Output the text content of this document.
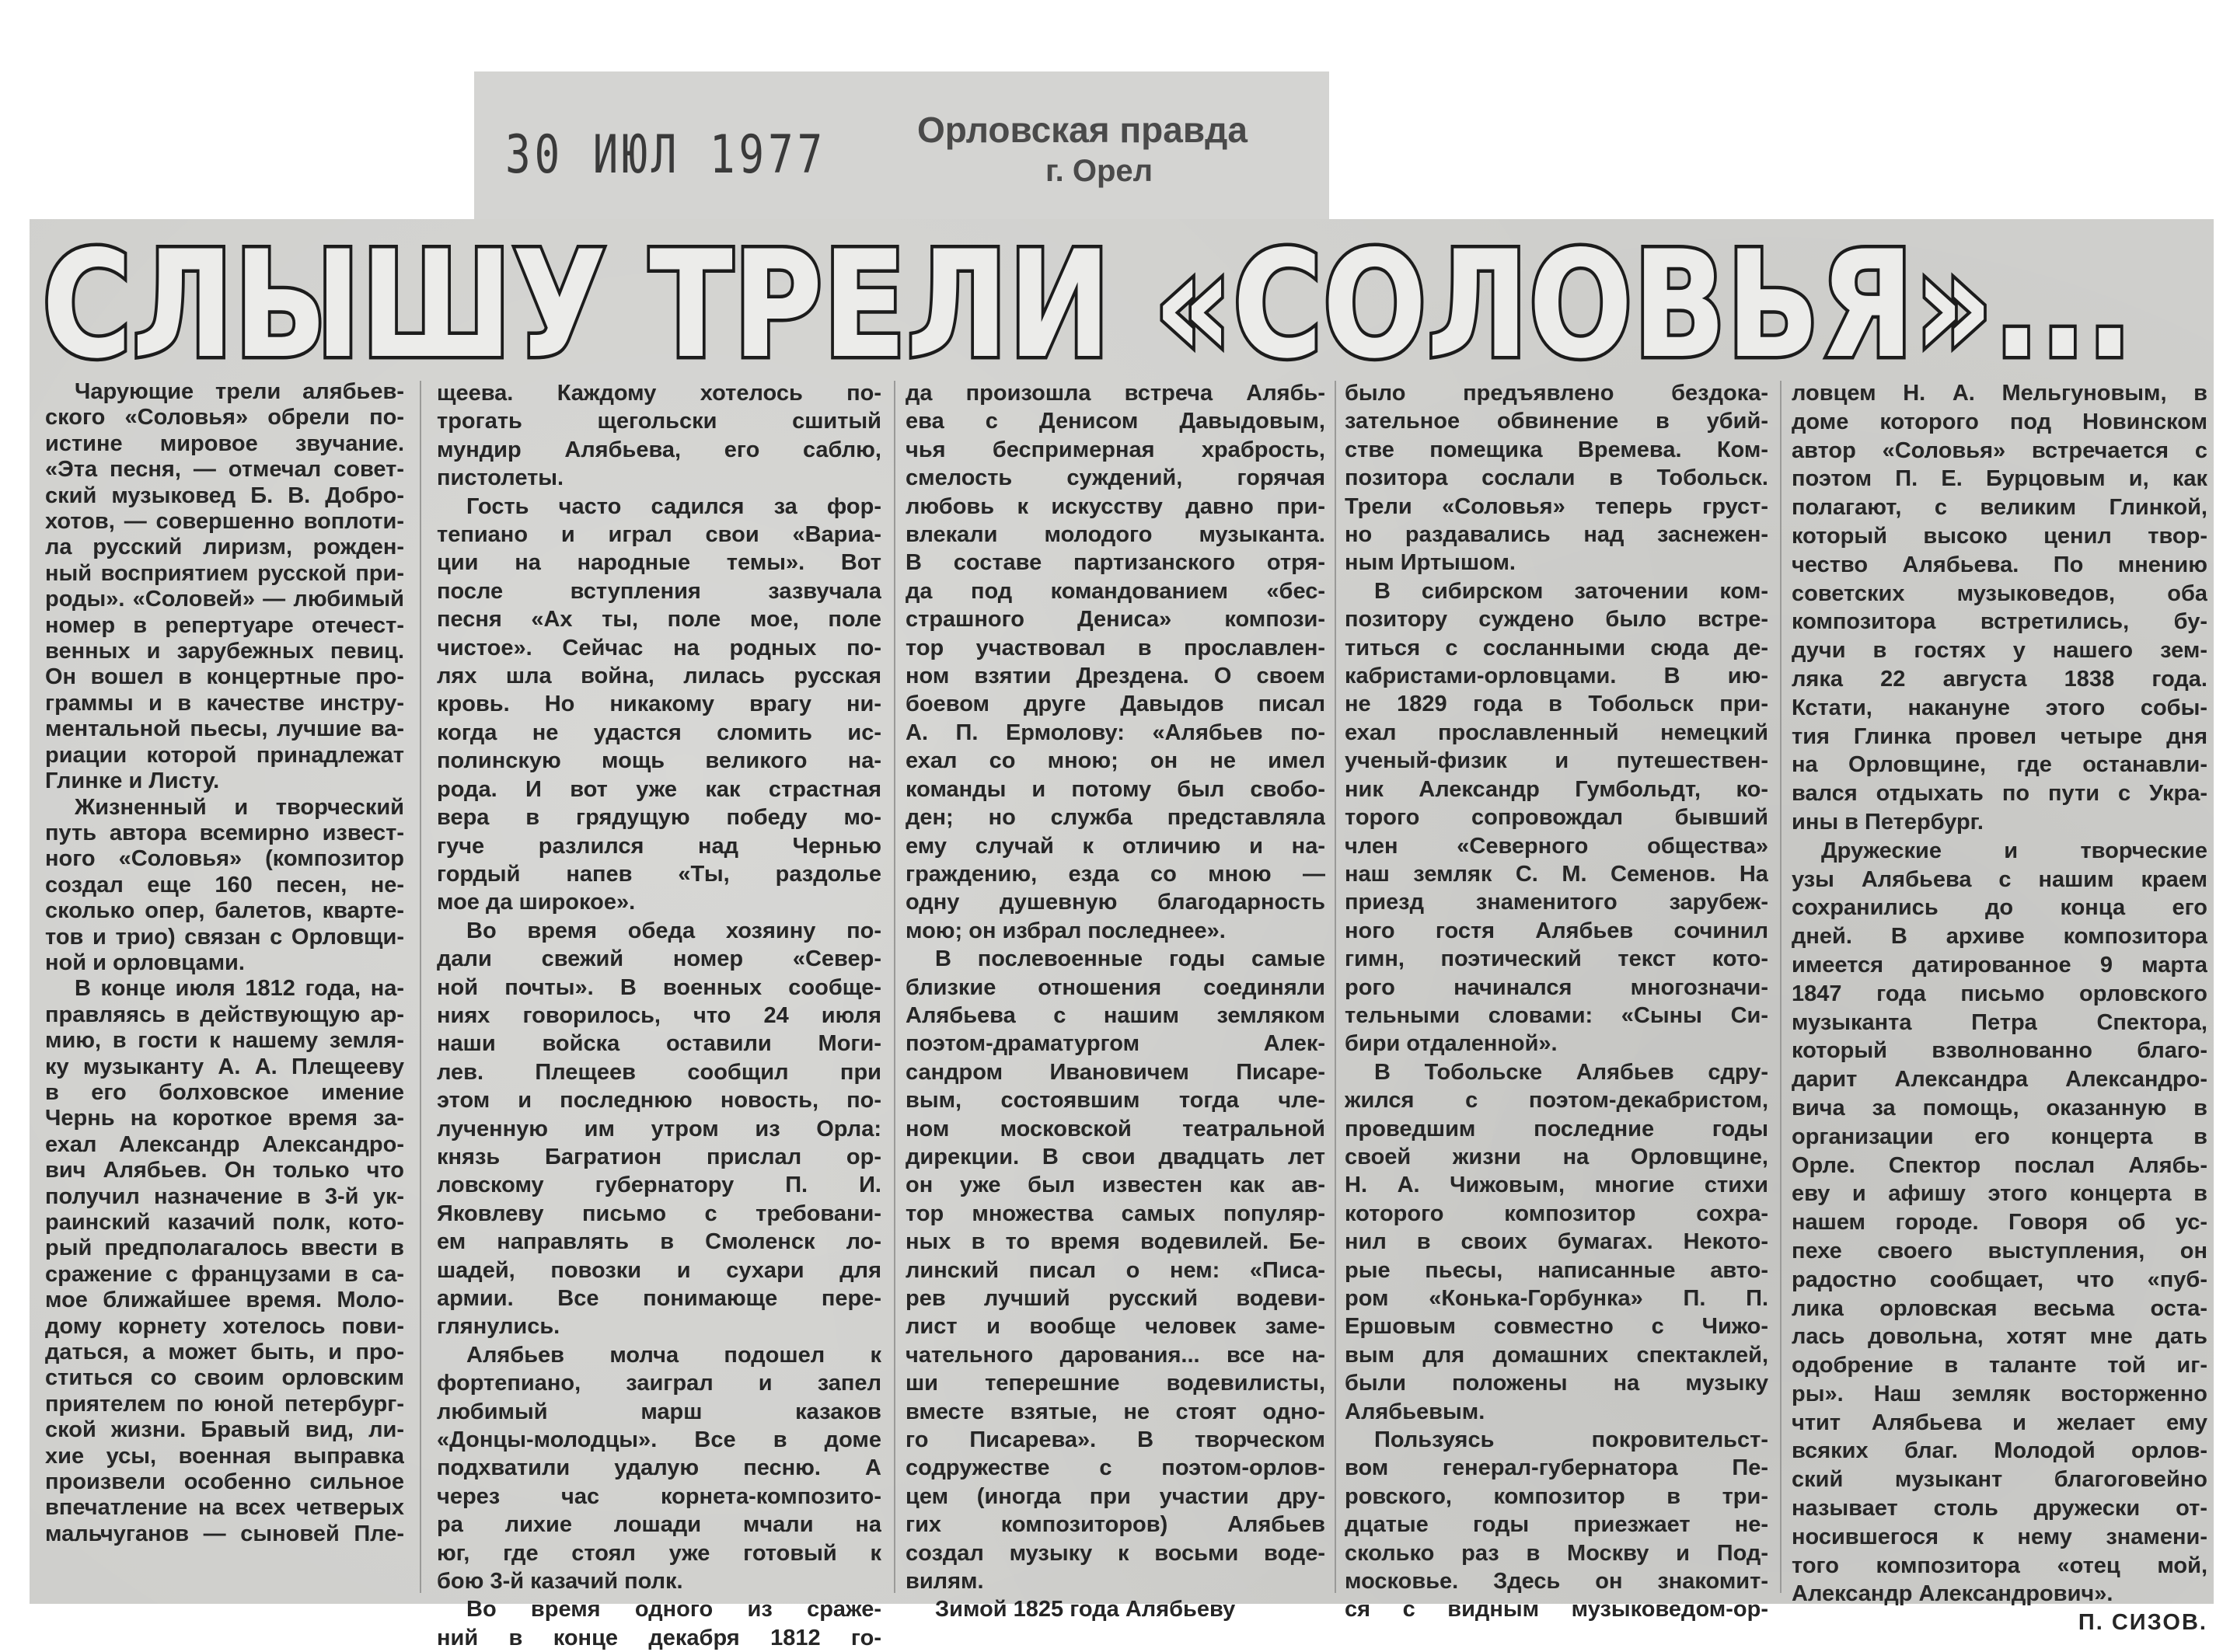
30 ИЮЛ 1977	Орловская правда
г. Орел
СЛЫШУ ТРЕЛИ «СОЛОВЬЯ»...
Чарующие трели алябьев-
ского «Соловья» обрели по-
истине мировое звучание.
«Эта песня, — отмечал совет-
ский музыковед Б. В. Добро-
хотов, — совершенно воплоти-
ла русский лиризм, рожден-
ный восприятием русской при-
роды». «Соловей» — любимый
номер в репертуаре отечест-
венных и зарубежных певиц.
Он вошел в концертные про-
граммы и в качестве инстру-
ментальной пьесы, лучшие ва-
риации которой принадлежат
Глинке и Листу.
Жизненный и творческий
путь автора всемирно извест-
ного «Соловья» (композитор
создал еще 160 песен, не-
сколько опер, балетов, кварте-
тов и трио) связан с Орловщи-
ной и орловцами.
В конце июля 1812 года, на-
правляясь в действующую ар-
мию, в гости к нашему земля-
ку музыканту А. А. Плещееву
в его болховское имение
Чернь на короткое время за-
ехал Александр Александро-
вич Алябьев. Он только что
получил назначение в 3-й ук-
раинский казачий полк, кото-
рый предполагалось ввести в
сражение с французами в са-
мое ближайшее время. Моло-
дому корнету хотелось пови-
даться, а может быть, и про-
ститься со своим орловским
приятелем по юной петербург-
ской жизни. Бравый вид, ли-
хие усы, военная выправка
произвели особенно сильное
впечатление на всех четверых
мальчуганов — сыновей Пле-
щеева. Каждому хотелось по-
трогать щегольски сшитый
мундир Алябьева, его саблю,
пистолеты.
Гость часто садился за фор-
тепиано и играл свои «Вариа-
ции на народные темы». Вот
после вступления зазвучала
песня «Ах ты, поле мое, поле
чистое». Сейчас на родных по-
лях шла война, лилась русская
кровь. Но никакому врагу ни-
когда не удастся сломить ис-
полинскую мощь великого на-
рода. И вот уже как страстная
вера в грядущую победу мо-
гуче разлился над Чернью
гордый напев «Ты, раздолье
мое да широкое».
Во время обеда хозяину по-
дали свежий номер «Север-
ной почты». В военных сообще-
ниях говорилось, что 24 июля
наши войска оставили Моги-
лев. Плещеев сообщил при
этом и последнюю новость, по-
лученную им утром из Орла:
князь Багратион прислал ор-
ловскому губернатору П. И.
Яковлеву письмо с требовани-
ем направлять в Смоленск ло-
шадей, повозки и сухари для
армии. Все понимающе пере-
глянулись.
Алябьев молча подошел к
фортепиано, заиграл и запел
любимый марш казаков
«Донцы-молодцы». Все в доме
подхватили удалую песню. А
через час корнета-композито-
ра лихие лошади мчали на
юг, где стоял уже готовый к
бою 3-й казачий полк.
Во время одного из сраже-
ний в конце декабря 1812 го-
да произошла встреча Алябь-
ева с Денисом Давыдовым,
чья беспримерная храбрость,
смелость суждений, горячая
любовь к искусству давно при-
влекали молодого музыканта.
В составе партизанского отря-
да под командованием «бес-
страшного Дениса» компози-
тор участвовал в прославлен-
ном взятии Дрездена. О своем
боевом друге Давыдов писал
А. П. Ермолову: «Алябьев по-
ехал со мною; он не имел
команды и потому был свобо-
ден; но служба представляла
ему случай к отличию и на-
граждению, езда со мною —
одну душевную благодарность
мою; он избрал последнее».
В послевоенные годы самые
близкие отношения соединяли
Алябьева с нашим земляком
поэтом-драматургом Алек-
сандром Ивановичем Писаре-
вым, состоявшим тогда чле-
ном московской театральной
дирекции. В свои двадцать лет
он уже был известен как ав-
тор множества самых популяр-
ных в то время водевилей. Бе-
линский писал о нем: «Писа-
рев лучший русский водеви-
лист и вообще человек заме-
чательного дарования... все на-
ши теперешние водевилисты,
вместе взятые, не стоят одно-
го Писарева». В творческом
содружестве с поэтом-орлов-
цем (иногда при участии дру-
гих композиторов) Алябьев
создал музыку к восьми воде-
вилям.
Зимой 1825 года Алябьеву
было предъявлено бездока-
зательное обвинение в убий-
стве помещика Времева. Ком-
позитора сослали в Тобольск.
Трели «Соловья» теперь груст-
но раздавались над заснежен-
ным Иртышом.
В сибирском заточении ком-
позитору суждено было встре-
титься с сосланными сюда де-
кабристами-орловцами. В ию-
не 1829 года в Тобольск при-
ехал прославленный немецкий
ученый-физик и путешествен-
ник Александр Гумбольдт, ко-
торого сопровождал бывший
член «Северного общества»
наш земляк С. М. Семенов. На
приезд знаменитого зарубеж-
ного гостя Алябьев сочинил
гимн, поэтический текст кото-
рого начинался многозначи-
тельными словами: «Сыны Си-
бири отдаленной».
В Тобольске Алябьев сдру-
жился с поэтом-декабристом,
проведшим последние годы
своей жизни на Орловщине,
Н. А. Чижовым, многие стихи
которого композитор сохра-
нил в своих бумагах. Некото-
рые пьесы, написанные авто-
ром «Конька-Горбунка» П. П.
Ершовым совместно с Чижо-
вым для домашних спектаклей,
были положены на музыку
Алябьевым.
Пользуясь покровительст-
вом генерал-губернатора Пе-
ровского, композитор в три-
дцатые годы приезжает не-
сколько раз в Москву и Под-
московье. Здесь он знакомит-
ся с видным музыковедом-ор-
ловцем Н. А. Мельгуновым, в
доме которого под Новинском
автор «Соловья» встречается с
поэтом П. Е. Бурцовым и, как
полагают, с великим Глинкой,
который высоко ценил твор-
чество Алябьева. По мнению
советских музыковедов, оба
композитора встретились, бу-
дучи в гостях у нашего зем-
ляка 22 августа 1838 года.
Кстати, накануне этого собы-
тия Глинка провел четыре дня
на Орловщине, где останавли-
вался отдыхать по пути с Укра-
ины в Петербург.
Дружеские и творческие
узы Алябьева с нашим краем
сохранились до конца его
дней. В архиве композитора
имеется датированное 9 марта
1847 года письмо орловского
музыканта Петра Спектора,
который взволнованно благо-
дарит Александра Александро-
вича за помощь, оказанную в
организации его концерта в
Орле. Спектор послал Алябь-
еву и афишу этого концерта в
нашем городе. Говоря об ус-
пехе своего выступления, он
радостно сообщает, что «пуб-
лика орловская весьма оста-
лась довольна, хотят мне дать
одобрение в таланте той иг-
ры». Наш земляк восторженно
чтит Алябьева и желает ему
всяких благ. Молодой орлов-
ский музыкант благоговейно
называет столь дружески от-
носившегося к нему знамени-
того композитора «отец мой,
Александр Александрович».
П. СИЗОВ.
